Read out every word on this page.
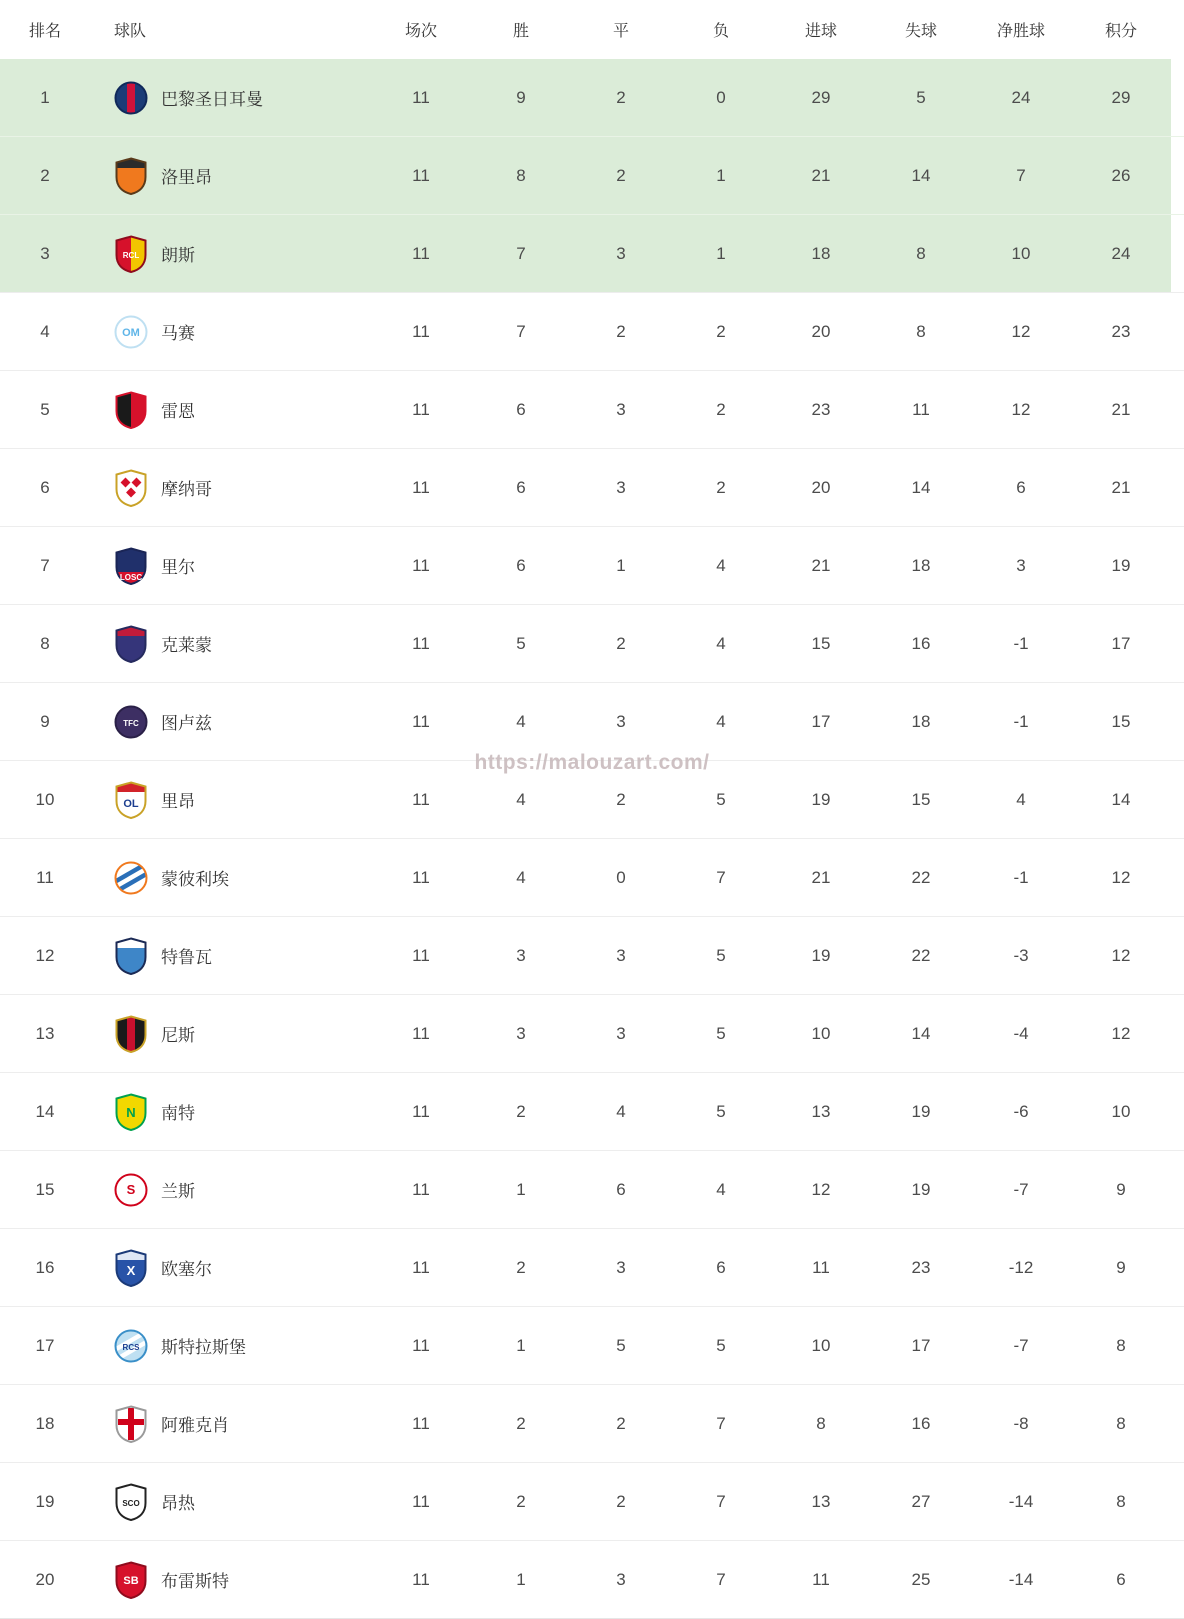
排名	球队	场次	胜	平	负	进球	失球	净胜球	积分	
1	巴黎圣日耳曼	11	9	2	0	29	5	24	29	
2	洛里昂	11	8	2	1	21	14	7	26	
3	RCL 朗斯	11	7	3	1	18	8	10	24	
4	OM 马赛	11	7	2	2	20	8	12	23	
5	雷恩	11	6	3	2	23	11	12	21	
6	摩纳哥	11	6	3	2	20	14	6	21	
7	LOSC 里尔	11	6	1	4	21	18	3	19	
8	克莱蒙	11	5	2	4	15	16	-1	17	
9	TFC 图卢兹	11	4	3	4	17	18	-1	15	
10	OL 里昂	11	4	2	5	19	15	4	14	
11	蒙彼利埃	11	4	0	7	21	22	-1	12	
12	特鲁瓦	11	3	3	5	19	22	-3	12	
13	尼斯	11	3	3	5	10	14	-4	12	
14	N 南特	11	2	4	5	13	19	-6	10	
15	S 兰斯	11	1	6	4	12	19	-7	9	
16	X 欧塞尔	11	2	3	6	11	23	-12	9	
17	RCS 斯特拉斯堡	11	1	5	5	10	17	-7	8	
18	阿雅克肖	11	2	2	7	8	16	-8	8	
19	SCO 昂热	11	2	2	7	13	27	-14	8	
20	SB 布雷斯特	11	1	3	7	11	25	-14	6	
https://malouzart.com/
